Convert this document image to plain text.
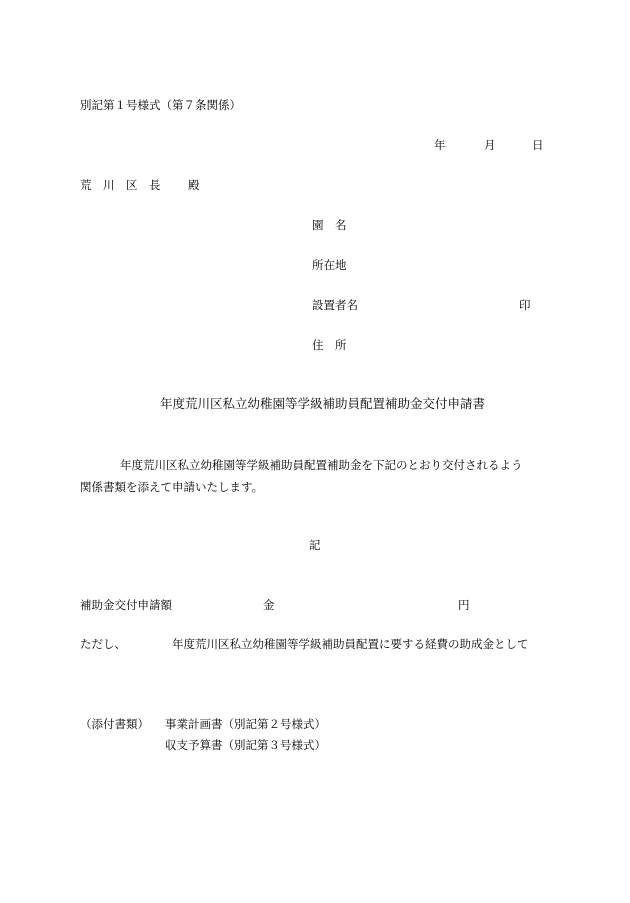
別記第１号様式（第７条関係）
年	月	日
荒　川　区　長 殿
園　名
所在地
設置者名	印
住　所
年度荒川区私立幼稚園等学級補助員配置補助金交付申請書
年度荒川区私立幼稚園等学級補助員配置補助金を下記のとおり交付されるよう
関係書類を添えて申請いたします。
記
補助金交付申請額	金	円
ただし、	年度荒川区私立幼稚園等学級補助員配置に要する経費の助成金として
（添付書類） 事業計画書（別記第２号様式）
収支予算書（別記第３号様式）
